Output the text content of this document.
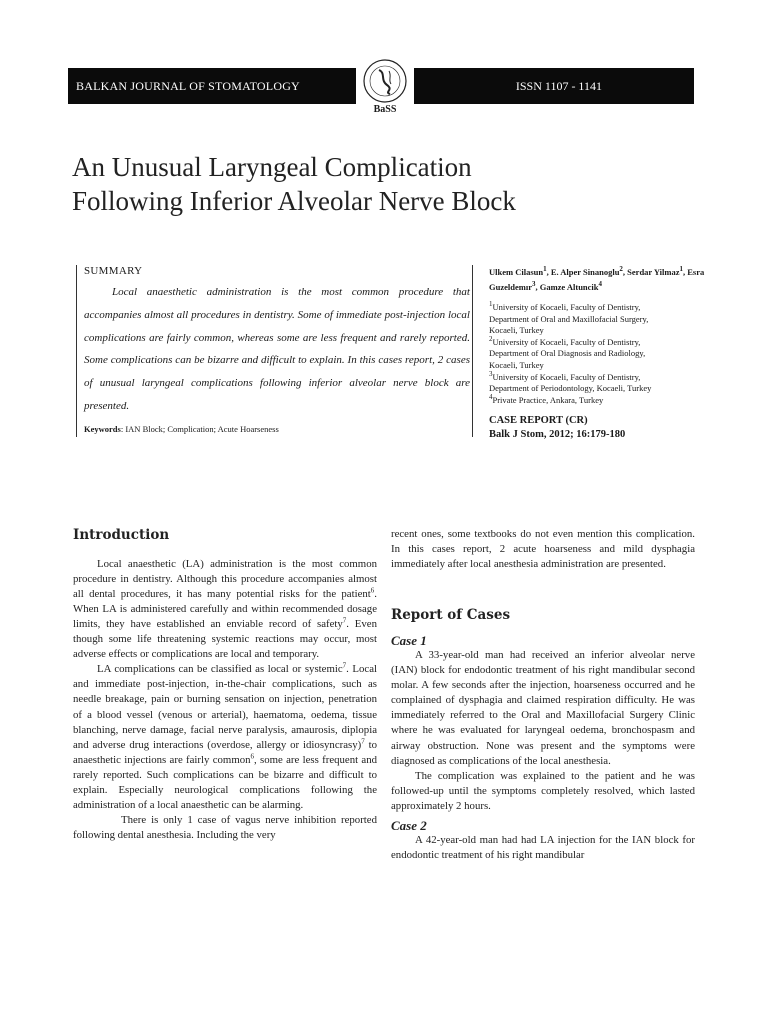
BALKAN JOURNAL OF STOMATOLOGY	ISSN 1107 - 1141
BaSS
An Unusual Laryngeal Complication
Following Inferior Alveolar Nerve Block
SUMMARY
Local anaesthetic administration is the most common procedure that accompanies almost all procedures in dentistry. Some of immediate post-injection local complications are fairly common, whereas some are less frequent and rarely reported. Some complications can be bizarre and difficult to explain. In this cases report, 2 cases of unusual laryngeal complications following inferior alveolar nerve block are presented.
Keywords: IAN Block; Complication; Acute Hoarseness
Ulkem Cilasun$^1$, E. Alper Sinanoglu$^2$, Serdar Yilmaz$^1$, Esra Guzeldemır$^3$, Gamze Altuncik$^4$
$^1$University of Kocaeli, Faculty of Dentistry,
Department of Oral and Maxillofacial Surgery,
Kocaeli, Turkey
$^2$University of Kocaeli, Faculty of Dentistry,
Department of Oral Diagnosis and Radiology,
Kocaeli, Turkey
$^3$University of Kocaeli, Faculty of Dentistry,
Department of Periodontology, Kocaeli, Turkey
$^4$Private Practice, Ankara, Turkey
CASE REPORT (CR)
Balk J Stom, 2012; 16:179-180

Introduction

Local anaesthetic (LA) administration is the most common procedure in dentistry. Although this procedure accompanies almost all dental procedures, it has many potential risks for the patient$^6$. When LA is administered carefully and within recommended dosage limits, they have established an enviable record of safety$^7$. Even though some life threatening systemic reactions may occur, most adverse effects or complications are local and temporary.

LA complications can be classified as local or systemic$^7$. Local and immediate post-injection, in-the-chair complications, such as needle breakage, pain or burning sensation on injection, penetration of a blood vessel (venous or arterial), haematoma, oedema, tissue blanching, nerve damage, facial nerve paralysis, amaurosis, diplopia and adverse drug interactions (overdose, allergy or idiosyncrasy)$^7$ to anaesthetic injections are fairly common$^6$, some are less frequent and rarely reported. Such complications can be bizarre and difficult to explain. Especially neurological complications following the administration of a local anaesthetic can be alarming.

There is only 1 case of vagus nerve inhibition reported following dental anesthesia. Including the very

recent ones, some textbooks do not even mention this complication. In this cases report, 2 acute hoarseness and mild dysphagia immediately after local anesthesia administration are presented.

Report of Cases

Case 1

A 33-year-old man had received an inferior alveolar nerve (IAN) block for endodontic treatment of his right mandibular second molar. A few seconds after the injection, hoarseness occurred and he complained of dysphagia and claimed respiration difficulty. He was immediately referred to the Oral and Maxillofacial Surgery Clinic where he was evaluated for laryngeal oedema, bronchospasm and airway obstruction. None was present and the symptoms were diagnosed as complications of the local anesthesia.

The complication was explained to the patient and he was followed-up until the symptoms completely resolved, which lasted approximately 2 hours.

Case 2

A 42-year-old man had had LA injection for the IAN block for endodontic treatment of his right mandibular
